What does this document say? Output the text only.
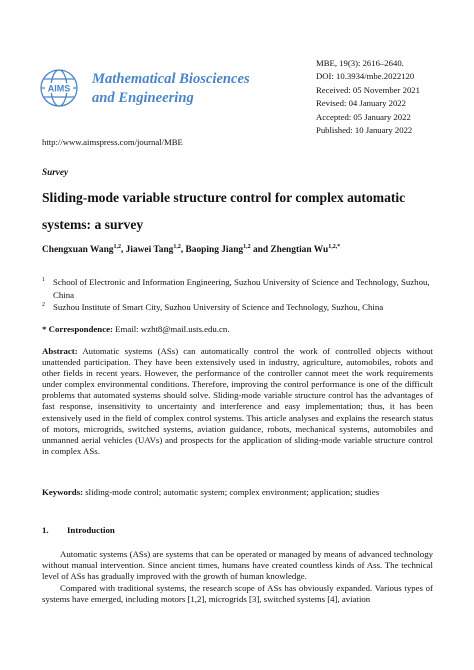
AIMS
Mathematical Biosciences
and Engineering
MBE, 19(3): 2616–2640.
DOI: 10.3934/mbe.2022120
Received: 05 November 2021
Revised: 04 January 2022
Accepted: 05 January 2022
Published: 10 January 2022
http://www.aimspress.com/journal/MBE
Survey
Sliding-mode variable structure control for complex automatic systems: a survey
Chengxuan Wang$^{1,2}$, Jiawei Tang$^{1,2}$, Baoping Jiang$^{1,2}$ and Zhengtian $Wu^{1,2,*}$
1 School of Electronic and Information Engineering, Suzhou University of Science and Technology, Suzhou, China
2 Suzhou Institute of Smart City, Suzhou University of Science and Technology, Suzhou, China
* Correspondence: Email: wzht8@mail.usts.edu.cn.
Abstract: Automatic systems (ASs) can automatically control the work of controlled objects without unattended participation. They have been extensively used in industry, agriculture, automobiles, robots and other fields in recent years. However, the performance of the controller cannot meet the work requirements under complex environmental conditions. Therefore, improving the control performance is one of the difficult problems that automated systems should solve. Sliding-mode variable structure control has the advantages of fast response, insensitivity to uncertainty and interference and easy implementation; thus, it has been extensively used in the field of complex control systems. This article analyses and explains the research status of motors, microgrids, switched systems, aviation guidance, robots, mechanical systems, automobiles and unmanned aerial vehicles (UAVs) and prospects for the application of sliding-mode variable structure control in complex ASs.
Keywords: sliding-mode control; automatic system; complex environment; application; studies
1. Introduction
Automatic systems (ASs) are systems that can be operated or managed by means of advanced technology without manual intervention. Since ancient times, humans have created countless kinds of Ass. The technical level of ASs has gradually improved with the growth of human knowledge.
Compared with traditional systems, the research scope of ASs has obviously expanded. Various types of systems have emerged, including motors [1,2], microgrids [3], switched systems [4], aviation
